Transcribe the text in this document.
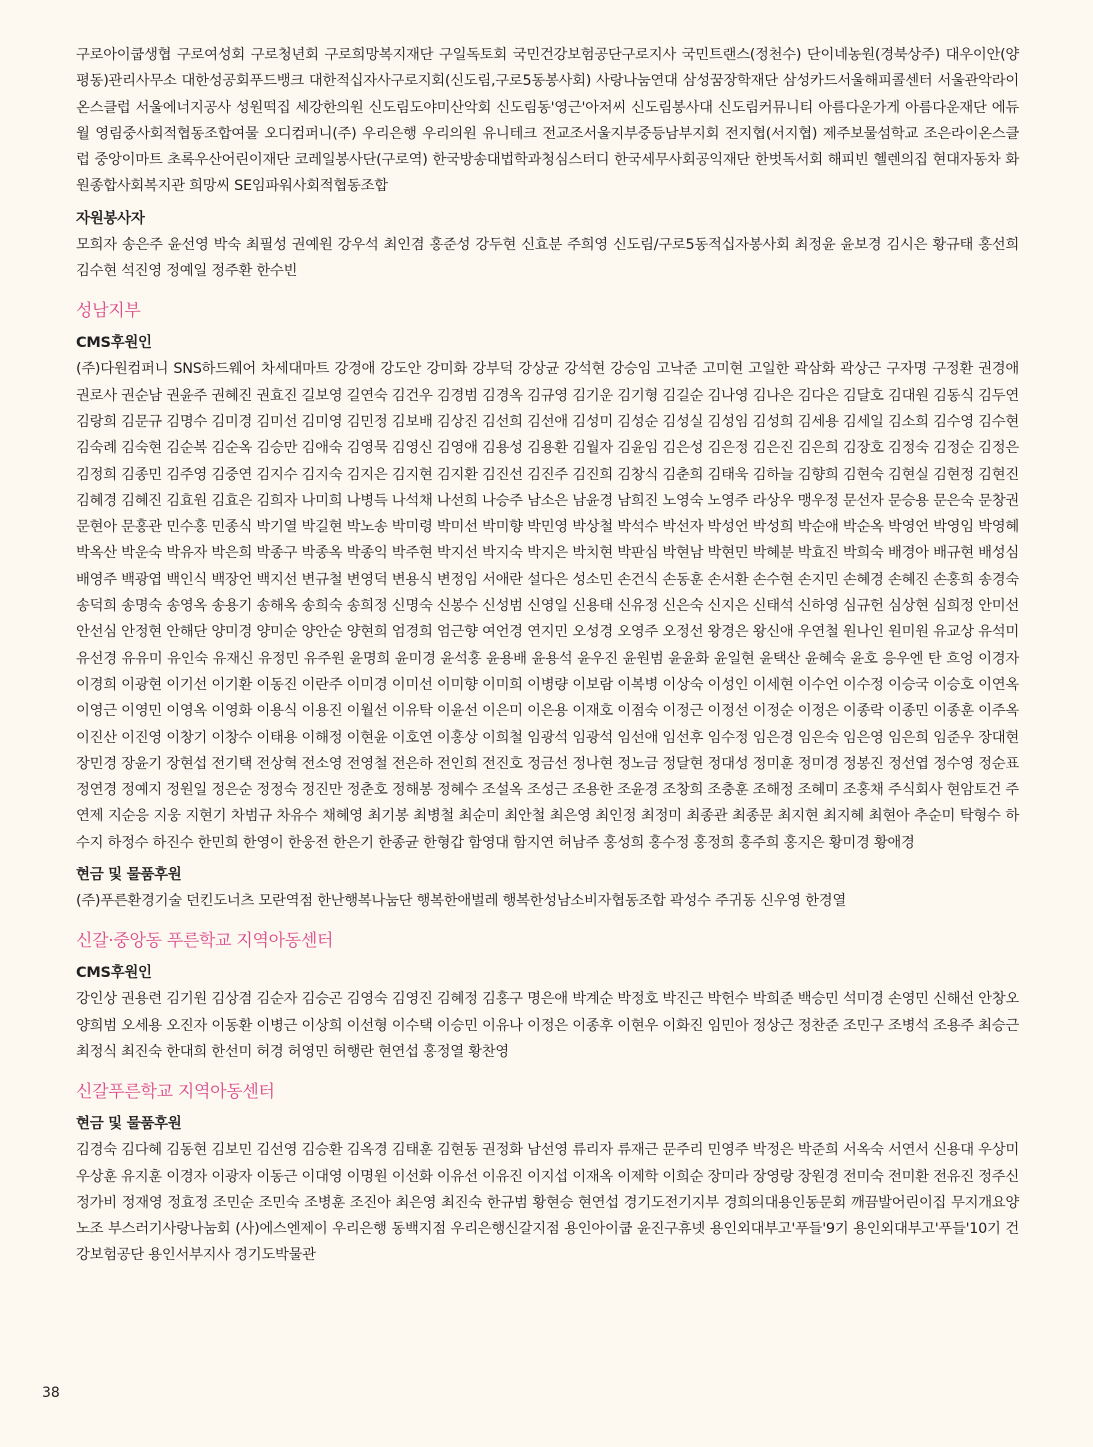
구로아이쿱생협 구로여성회 구로청년회 구로희망복지재단 구일독토회 국민건강보험공단구로지사 국민트랜스(정천수) 단이네농원(경북상주) 대우이안(양평동)관리사무소 대한성공회푸드뱅크 대한적십자사구로지회(신도림,구로5동봉사회) 사랑나눔연대 삼성꿈장학재단 삼성카드서울해피콜센터 서울관악라이온스클럽 서울에너지공사 성원떡집 세강한의원 신도림도야미산악회 신도림동'영근'아저씨 신도림봉사대 신도림커뮤니티 아름다운가게 아름다운재단 에듀월 영림중사회적협동조합여물 오디컴퍼니(주) 우리은행 우리의원 유니테크 전교조서울지부중등남부지회 전지협(서지협) 제주보물섬학교 조은라이온스클럽 중앙이마트 초록우산어린이재단 코레일봉사단(구로역) 한국방송대법학과청심스터디 한국세무사회공익재단 한벗독서회 해피빈 헬렌의집 현대자동차 화원종합사회복지관 희망씨 SE임파워사회적협동조합

자원봉사자

모희자 송은주 윤선영 박숙 최필성 권예원 강우석 최인겸 홍준성 강두현 신효분 주희영 신도림/구로5동적십자봉사회 최정윤 윤보경 김시은 황규태 홍선희 김수현 석진영 정예일 정주환 한수빈

성남지부
CMS후원인

(주)다원컴퍼니 SNS하드웨어 차세대마트 강경애 강도안 강미화 강부덕 강상균 강석현 강승임 고낙준 고미현 고일한 곽삼화 곽상근 구자명 구정환 권경애 권로사 권순남 권윤주 권혜진 권효진 길보영 길연숙 김건우 김경범 김경옥 김규영 김기운 김기형 김길순 김나영 김나은 김다은 김달호 김대원 김동식 김두연 김랑희 김문규 김명수 김미경 김미선 김미영 김민정 김보배 김상진 김선희 김선애 김성미 김성순 김성실 김성임 김성희 김세용 김세일 김소희 김수영 김수현 김숙례 김숙현 김순복 김순옥 김승만 김애숙 김영묵 김영신 김영애 김용성 김용환 김월자 김윤임 김은성 김은정 김은진 김은희 김장호 김정숙 김정순 김정은 김정희 김종민 김주영 김중연 김지수 김지숙 김지은 김지현 김지환 김진선 김진주 김진희 김창식 김춘희 김태욱 김하늘 김향희 김현숙 김현실 김현정 김현진 김혜경 김혜진 김효원 김효은 김희자 나미희 나병득 나석채 나선희 나승주 남소은 남윤경 남희진 노영숙 노영주 라상우 맹우정 문선자 문승용 문은숙 문창권 문현아 문홍관 민수홍 민종식 박기열 박길현 박노송 박미령 박미선 박미향 박민영 박상철 박석수 박선자 박성언 박성희 박순애 박순옥 박영언 박영임 박영혜 박옥산 박운숙 박유자 박은희 박종구 박종옥 박종익 박주현 박지선 박지숙 박지은 박치현 박판심 박현남 박현민 박혜분 박효진 박희숙 배경아 배규현 배성심 배영주 백광엽 백인식 백장언 백지선 변규철 변영덕 변용식 변정임 서애란 설다은 성소민 손건식 손동훈 손서환 손수현 손지민 손혜경 손혜진 손홍희 송경숙 송덕희 송명숙 송영옥 송용기 송해옥 송희숙 송희정 신명숙 신봉수 신성범 신영일 신용태 신유정 신은숙 신지은 신태석 신하영 심규헌 심상현 심희정 안미선 안선심 안정현 안해단 양미경 양미순 양안순 양현희 엄경희 엄근향 여언경 연지민 오성경 오영주 오정선 왕경은 왕신애 우연철 원나인 원미원 유교상 유석미 유선경 유유미 유인숙 유재신 유정민 유주원 윤명희 윤미경 윤석홍 윤용배 윤용석 윤우진 윤원범 윤윤화 윤일현 윤택산 윤혜숙 윤호 응우엔 탄 흐엉 이경자 이경희 이광현 이기선 이기환 이동진 이란주 이미경 이미선 이미향 이미희 이병량 이보람 이복병 이상숙 이성인 이세현 이수언 이수정 이승국 이승호 이연옥 이영근 이영민 이영옥 이영화 이용식 이용진 이월선 이유탁 이윤선 이은미 이은용 이재호 이점숙 이정근 이정선 이정순 이정은 이종락 이종민 이종훈 이주옥 이진산 이진영 이창기 이창수 이태용 이해정 이현윤 이호연 이홍상 이희철 임광석 임광석 임선애 임선후 임수정 임은경 임은숙 임은영 임은희 임준우 장대현 장민경 장윤기 장현섭 전기택 전상혁 전소영 전영철 전은하 전인희 전진호 정금선 정나현 정노금 정달현 정대성 정미훈 정미경 정봉진 정선엽 정수영 정순표 정연경 정예지 정원일 정은순 정정숙 정진만 정춘호 정해봉 정혜수 조설옥 조성근 조용한 조윤경 조창희 조충훈 조해정 조혜미 조홍채 주식회사 현암토건 주연제 지순응 지웅 지현기 차범규 차유수 채혜영 최기봉 최병철 최순미 최안철 최은영 최인정 최정미 최종관 최종문 최지현 최지혜 최현아 추순미 탁형수 하수지 하정수 하진수 한민희 한영이 한웅전 한은기 한종균 한형갑 함영대 함지연 허남주 홍성희 홍수정 홍정희 홍주희 홍지은 황미경 황애경

현금 및 물품후원

(주)푸른환경기술 던킨도너츠 모란역점 한난행복나눔단 행복한애벌레 행복한성남소비자협동조합 곽성수 주귀동 신우영 한경열

신갈·중앙동 푸른학교 지역아동센터
CMS후원인

강인상 권용련 김기원 김상겸 김순자 김승곤 김영숙 김영진 김혜정 김홍구 명은애 박계순 박정호 박진근 박헌수 박희준 백승민 석미경 손영민 신해선 안창오 양희범 오세용 오진자 이동환 이병근 이상희 이선형 이수택 이승민 이유나 이정은 이종후 이현우 이화진 임민아 정상근 정찬준 조민구 조병석 조용주 최승근 최정식 최진숙 한대희 한선미 허경 허영민 허행란 현연섭 홍정열 황찬영

신갈푸른학교 지역아동센터
현금 및 물품후원

김경숙 김다혜 김동현 김보민 김선영 김승환 김옥경 김태훈 김현동 권정화 남선영 류리자 류재근 문주리 민영주 박정은 박준희 서옥숙 서연서 신용대 우상미 우상훈 유지훈 이경자 이광자 이동근 이대영 이명원 이선화 이유선 이유진 이지섭 이재옥 이제학 이희순 장미라 장영랑 장원경 전미숙 전미환 전유진 정주신 정가비 정재영 정효정 조민순 조민숙 조병훈 조진아 최은영 최진숙 한규범 황현승 현연섭 경기도전기지부 경희의대용인동문회 깨끔발어린이집 무지개요양노조 부스러기사랑나눔회 (사)에스엔제이 우리은행 동백지점 우리은행신갈지점 용인아이쿱 윤진구휴넷 용인외대부고'푸들'9기 용인외대부고'푸들'10기 건강보험공단 용인서부지사 경기도박물관

38
